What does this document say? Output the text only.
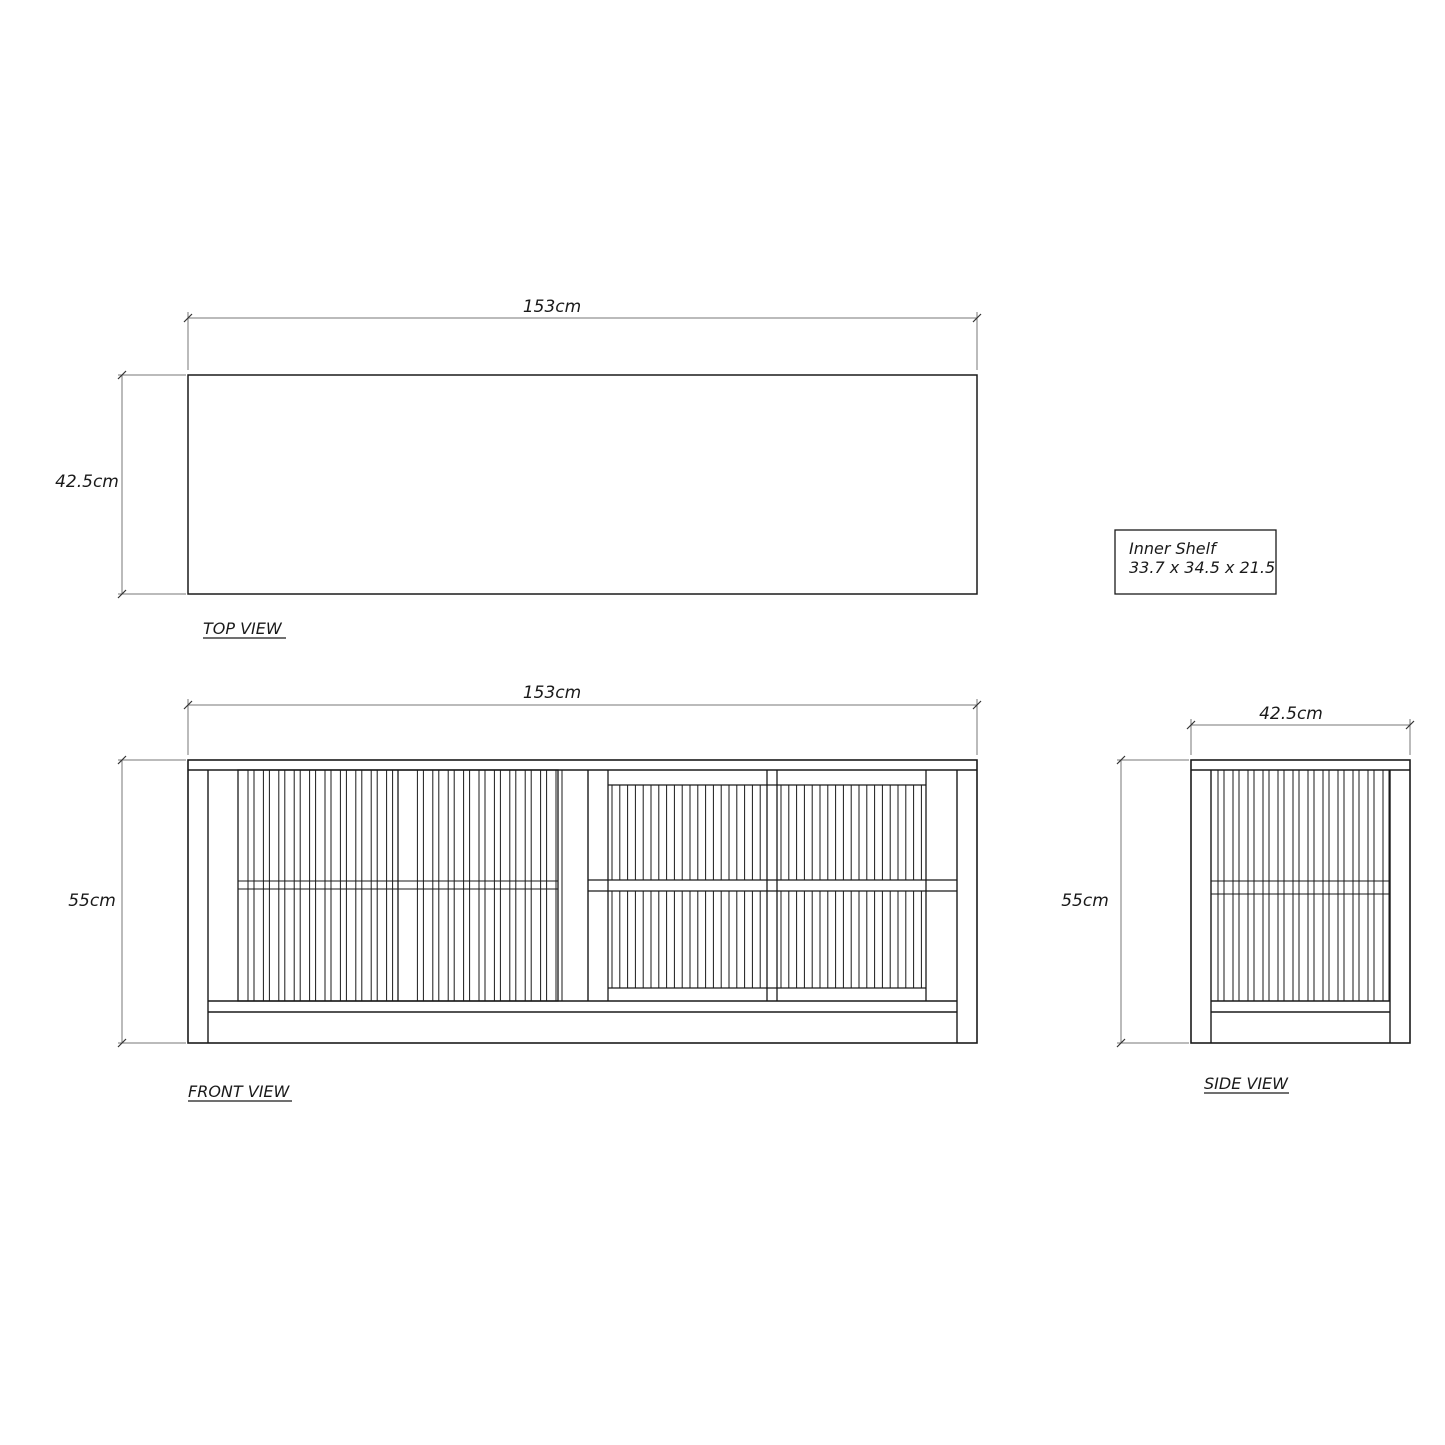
153cm
42.5cm
TOP VIEW
Inner Shelf
33.7 x 34.5 x 21.5
153cm
55cm
FRONT VIEW
42.5cm
55cm
SIDE VIEW
